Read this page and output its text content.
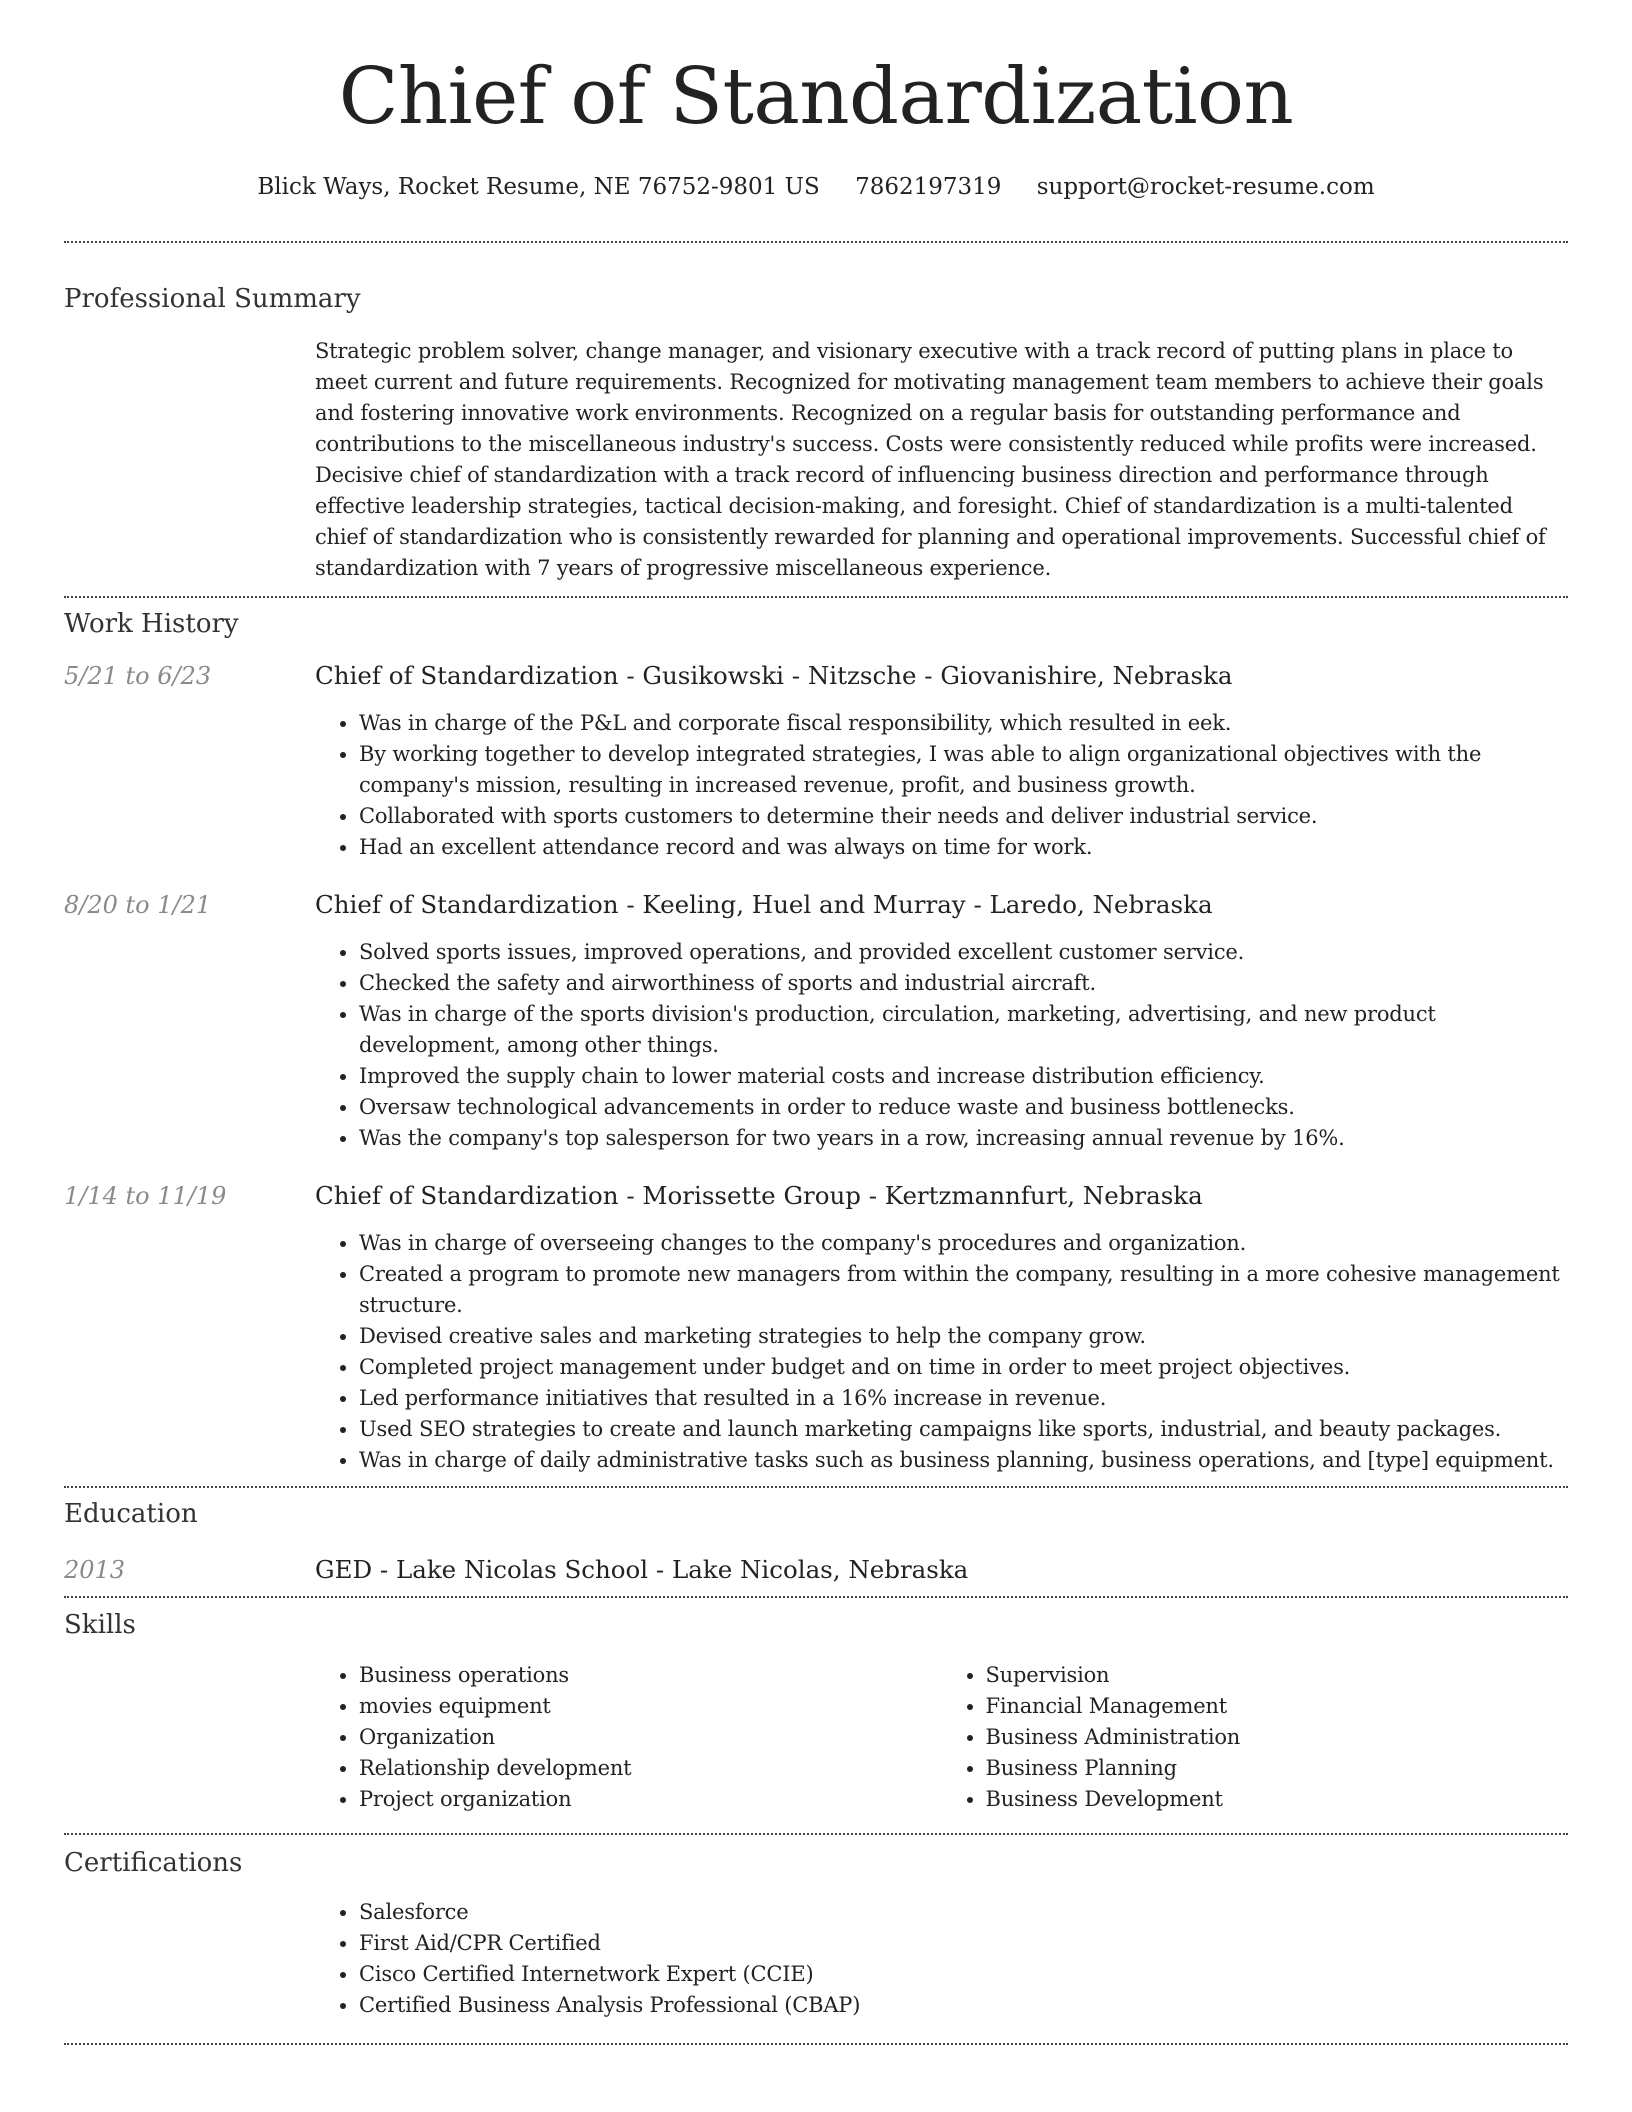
Chief of Standardization
Blick Ways, Rocket Resume, NE 76752-9801 US 7862197319 support@rocket-resume.com
Professional Summary

Strategic problem solver, change manager, and visionary executive with a track record of putting plans in place to meet current and future requirements. Recognized for motivating management team members to achieve their goals and fostering innovative work environments. Recognized on a regular basis for outstanding performance and contributions to the miscellaneous industry's success. Costs were consistently reduced while profits were increased. Decisive chief of standardization with a track record of influencing business direction and performance through effective leadership strategies, tactical decision-making, and foresight. Chief of standardization is a multi-talented chief of standardization who is consistently rewarded for planning and operational improvements. Successful chief of standardization with 7 years of progressive miscellaneous experience.

Work History
5/21 to 6/23	Chief of Standardization - Gusikowski - Nitzsche - Giovanishire, Nebraska
• Was in charge of the P&L and corporate fiscal responsibility, which resulted in eek.
• By working together to develop integrated strategies, I was able to align organizational objectives with the company's mission, resulting in increased revenue, profit, and business growth.
• Collaborated with sports customers to determine their needs and deliver industrial service.
• Had an excellent attendance record and was always on time for work.
8/20 to 1/21	Chief of Standardization - Keeling, Huel and Murray - Laredo, Nebraska
• Solved sports issues, improved operations, and provided excellent customer service.
• Checked the safety and airworthiness of sports and industrial aircraft.
• Was in charge of the sports division's production, circulation, marketing, advertising, and new product development, among other things.
• Improved the supply chain to lower material costs and increase distribution efficiency.
• Oversaw technological advancements in order to reduce waste and business bottlenecks.
• Was the company's top salesperson for two years in a row, increasing annual revenue by 16%.
1/14 to 11/19	Chief of Standardization - Morissette Group - Kertzmannfurt, Nebraska
• Was in charge of overseeing changes to the company's procedures and organization.
• Created a program to promote new managers from within the company, resulting in a more cohesive management structure.
• Devised creative sales and marketing strategies to help the company grow.
• Completed project management under budget and on time in order to meet project objectives.
• Led performance initiatives that resulted in a 16% increase in revenue.
• Used SEO strategies to create and launch marketing campaigns like sports, industrial, and beauty packages.
• Was in charge of daily administrative tasks such as business planning, business operations, and [type] equipment.
Education
2013	GED - Lake Nicolas School - Lake Nicolas, Nebraska
Skills
• Business operations
• movies equipment
• Organization
• Relationship development
• Project organization
• Supervision
• Financial Management
• Business Administration
• Business Planning
• Business Development
Certifications
• Salesforce
• First Aid/CPR Certified
• Cisco Certified Internetwork Expert (CCIE)
• Certified Business Analysis Professional (CBAP)
